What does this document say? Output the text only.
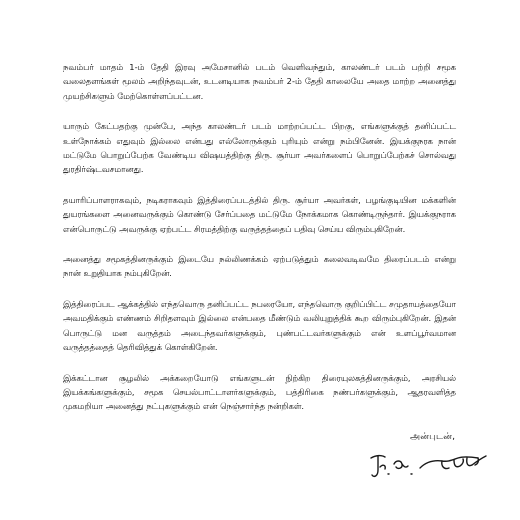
நவம்பர் மாதம் 1-ம் தேதி இரவு அமேசானில் படம் வெளிவந்தும், காலண்டர் படம் பற்றி சமூக வலைதளங்கள் மூலம் அறிந்தவுடன், உடனடியாக நவம்பர் 2-ம் தேதி காலையே அதை மாற்ற அனைத்து முயற்சிகளும் மேற்கொள்ளப்பட்டன.

யாரும் கேட்பதற்கு முன்பே, அந்த காலண்டர் படம் மாற்றப்பட்ட பிறகு, எங்களுக்குத் தனிப்பட்ட உள்நோக்கம் எதுவும் இல்லை என்பது எல்லோருக்கும் புரியும் என்று நம்பினேன். இயக்குநரக நான் மட்டுமே பொறுப்பேற்க வேண்டிய விஷயத்திற்கு திரு. சூர்யா அவர்களைப் பொறுப்பேற்கச் சொல்வது துரதிர்ஷ்டவசமானது.

தயாரிப்பாளராகவும், நடிகராகவும் இத்திரைப்படத்தில் திரு. சூர்யா அவர்கள், பழங்குடியின மக்களின் துயரங்களை அனைவருக்கும் கொண்டு சேர்ப்பதை மட்டுமே நோக்கமாக கொண்டிருந்தார். இயக்குநராக என்பொருட்டு அவருக்கு ஏற்பட்ட சிரமத்திற்கு வருத்தத்தைப் பதிவு செய்ய விரும்புகிறேன்.

அனைத்து சமூகத்தினருக்கும் இடையே நல்லிணக்கம் ஏற்படுத்தும் கலைவடிவமே திரைப்படம் என்று நான் உறுதியாக நம்புகிறேன்.

இத்திரைப்பட ஆக்கத்தில் எந்தவொரு தனிப்பட்ட நபரையோ, எந்தவொரு குறிப்பிட்ட சமுதாயத்தையோ அவமதிக்கும் எண்ணம் சிறிதளவும் இல்லை என்பதை மீண்டும் வலியுறுத்திக் கூற விரும்புகிறேன். இதன் பொருட்டு மன வருத்தம் அடைந்தவர்களுக்கும், புண்பட்டவர்களுக்கும் என் உளப்பூர்வமான வருத்தத்தைத் தெரிவித்துக் கொள்கிறேன்.

இக்கட்டான சூழலில் அக்கறையோடு எங்களுடன் நிற்கிற திரையுலகத்தினருக்கும், அரசியல் இயக்கங்களுக்கும், சமூக செயல்பாட்டாளர்களுக்கும், பத்திரிகை நண்பர்களுக்கும், ஆதரவளித்த முகமறியா அனைத்து நட்புகளுக்கும் என் நெஞ்சார்ந்த நன்றிகள்.

அன்புடன்,
